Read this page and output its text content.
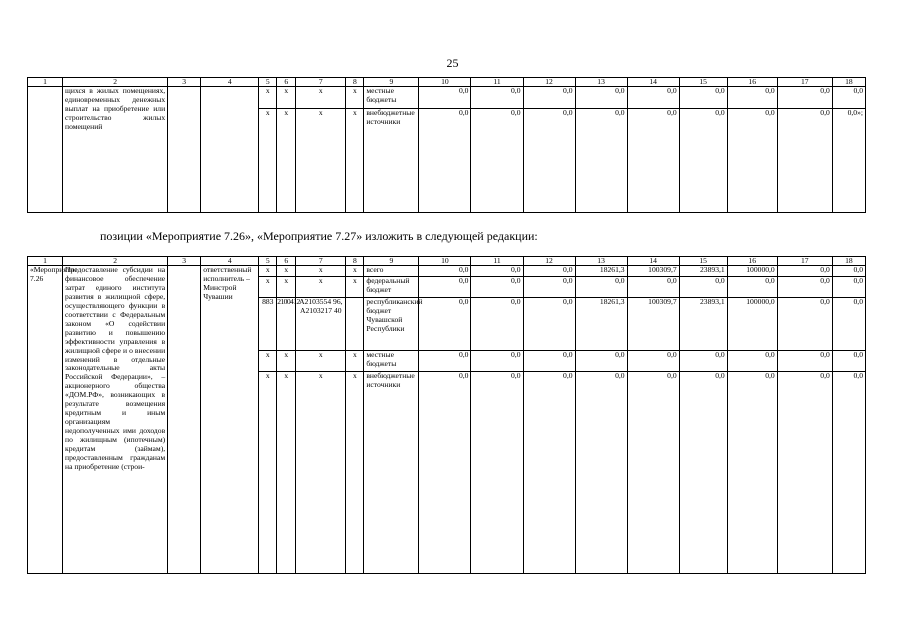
25
1	2	3	4	5	6	7	8	9	10	11	12	13	14	15	16	17	18
	щихся в жилых помещениях, единовременных денежных выплат на приобретение или строительство жилых помещений			х	х	х	х	местные бюджеты	0,0	0,0	0,0	0,0	0,0	0,0	0,0	0,0	0,0
				х	х	х	х	внебюджетные источники	0,0	0,0	0,0	0,0	0,0	0,0	0,0	0,0	0,0»;
позиции «Мероприятие 7.26», «Мероприятие 7.27» изложить в следующей редакции:
1	2	3	4	5	6	7	8	9	10	11	12	13	14	15	16	17	18
«Мероприятие 7.26	Предоставление субсидии на финансовое обеспечение затрат единого института развития в жилищной сфере, осуществляющего функции в соответствии с Федеральным законом «О содействии развитию и повышению эффективности управления в жилищной сфере и о внесении изменений в отдельные законодательные акты Российской Федерации», – акционерного общества «ДОМ.РФ», возникающих в результате возмещения кредитным и иным организациям недополученных ими доходов по жилищным (ипотечным) кредитам (займам), предоставленным гражданам на приобретение (строи-		ответственный исполнитель – Минстрой Чувашии	х	х	х	х	всего	0,0	0,0	0,0	18261,3	100309,7	23893,1	100000,0	0,0	0,0
				х	х	х	х	федеральный бюджет	0,0	0,0	0,0	0,0	0,0	0,0	0,0	0,0	0,0
				883	2100412	А2103554 96, А2103217 40		республиканский бюджет Чувашской Республики	0,0	0,0	0,0	18261,3	100309,7	23893,1	100000,0	0,0	0,0
				х	х	х	х	местные бюджеты	0,0	0,0	0,0	0,0	0,0	0,0	0,0	0,0	0,0
				х	х	х	х	внебюджетные источники	0,0	0,0	0,0	0,0	0,0	0,0	0,0	0,0	0,0
